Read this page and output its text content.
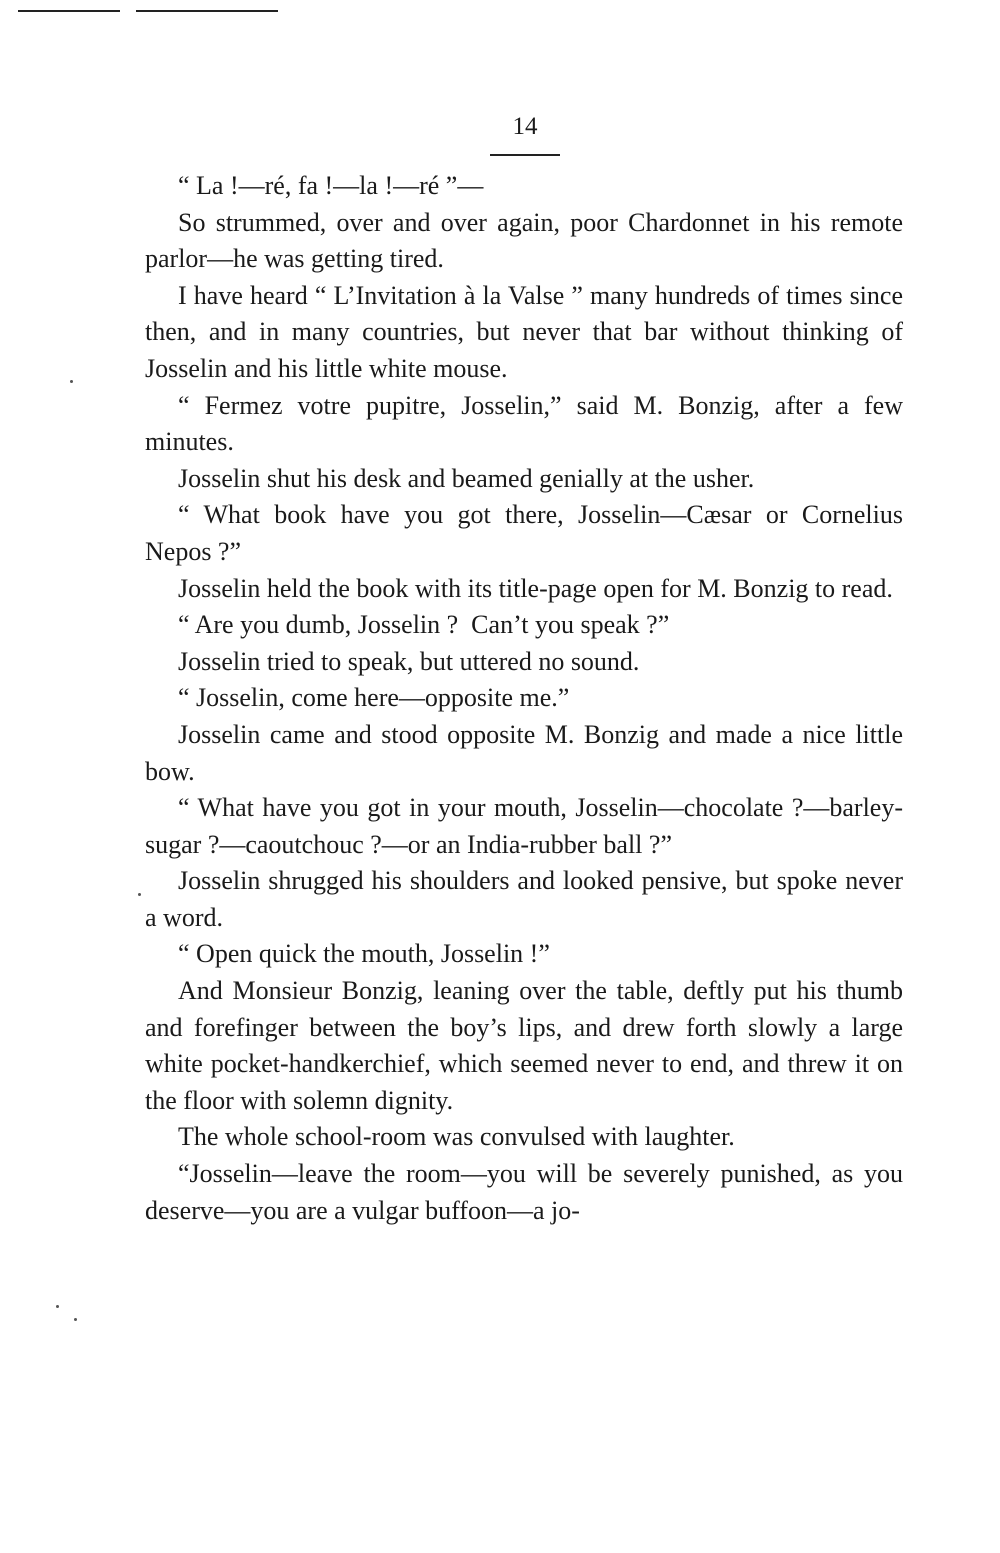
14

“ La !—ré, fa !—la !—ré ”—

So strummed, over and over again, poor Chardonnet in his remote parlor—he was getting tired.

I have heard “ L’Invitation à la Valse ” many hundreds of times since then, and in many countries, but never that bar without thinking of Josselin and his little white mouse.

“ Fermez votre pupitre, Josselin,” said M. Bonzig, after a few minutes.

Josselin shut his desk and beamed genially at the usher.

“ What book have you got there, Josselin—Cæsar or Cornelius Nepos ?”

Josselin held the book with its title-page open for M. Bonzig to read.

“ Are you dumb, Josselin ?  Can’t you speak ?”

Josselin tried to speak, but uttered no sound.

“ Josselin, come here—opposite me.”

Josselin came and stood opposite M. Bonzig and made a nice little bow.

“ What have you got in your mouth, Josselin—chocolate ?—barley-sugar ?—caoutchouc ?—or an India-rubber ball ?”

Josselin shrugged his shoulders and looked pensive, but spoke never a word.

“ Open quick the mouth, Josselin !”

And Monsieur Bonzig, leaning over the table, deftly put his thumb and forefinger between the boy’s lips, and drew forth slowly a large white pocket-handkerchief, which seemed never to end, and threw it on the floor with solemn dignity.

The whole school-room was convulsed with laughter.

“Josselin—leave the room—you will be severely punished, as you deserve—you are a vulgar buffoon—a jo-
